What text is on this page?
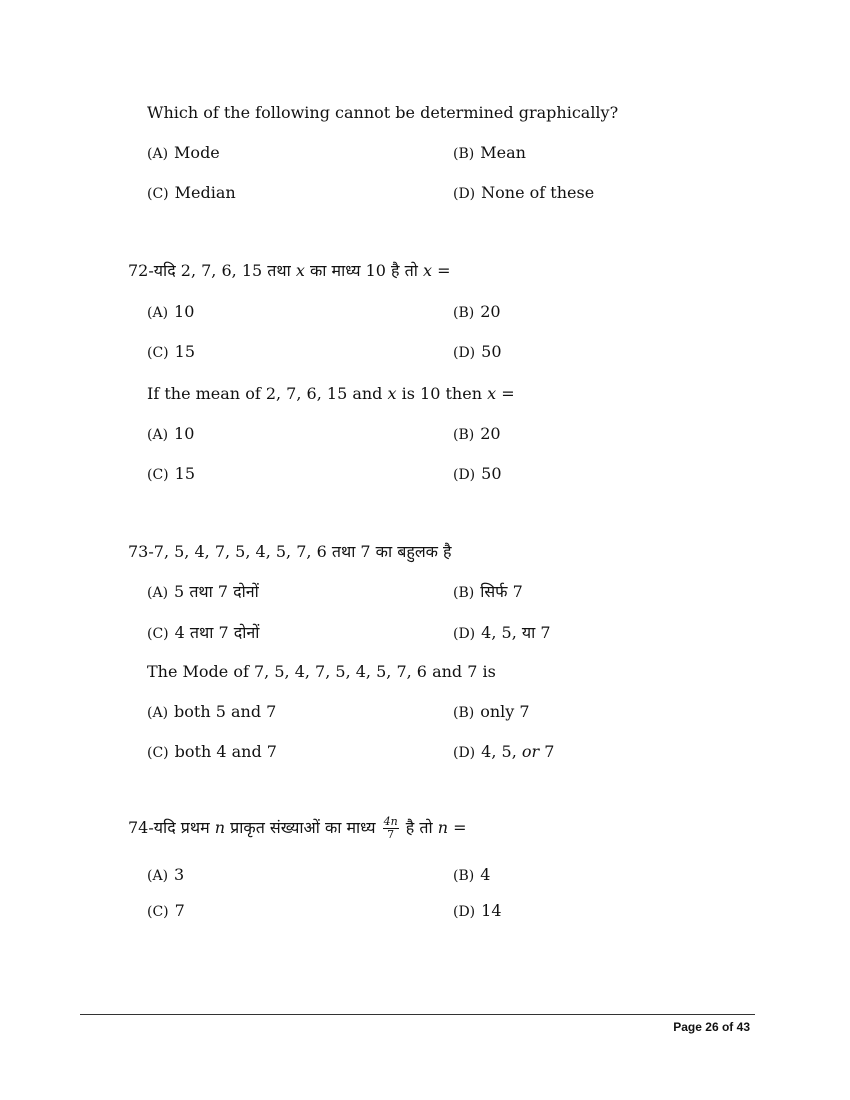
Which of the following cannot be determined graphically?
(A) Mode	(B) Mean
(C) Median	(D) None of these
72-यदि 2, 7, 6, 15 तथा x का माध्य 10 है तो x =
(A) 10	(B) 20
(C) 15	(D) 50
If the mean of 2, 7, 6, 15 and x is 10 then x =
(A) 10	(B) 20
(C) 15	(D) 50
73-7, 5, 4, 7, 5, 4, 5, 7, 6 तथा 7 का बहुलक है
(A) 5 तथा 7 दोनों	(B) सिर्फ 7
(C) 4 तथा 7 दोनों	(D) 4, 5, या 7
The Mode of 7, 5, 4, 7, 5, 4, 5, 7, 6 and 7 is
(A) both 5 and 7	(B) only 7
(C) both 4 and 7	(D) 4, 5, or 7
74-यदि प्रथम n प्राकृत संख्याओं का माध्य $\frac{4n}{7}$ है तो n =
(A) 3	(B) 4
(C) 7	(D) 14
Page 26 of 43
